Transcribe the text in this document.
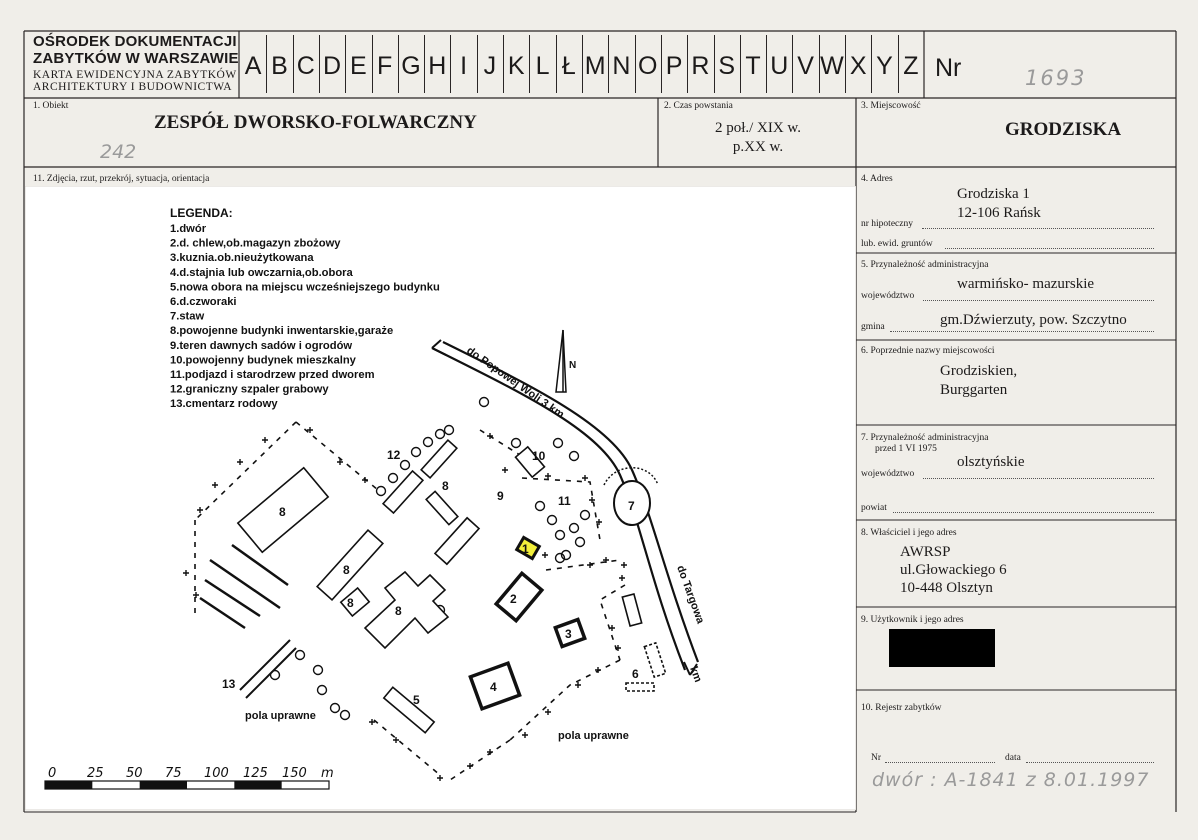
OŚRODEK DOKUMENTACJI
ZABYTKÓW W WARSZAWIE
KARTA EWIDENCYJNA ZABYTKÓW
ARCHITEKTURY I BUDOWNICTWA
A B C D E F G H I J K L Ł M N O P R S T U V W X Y Z Nr	1693
1. Obiekt
ZESPÓŁ DWORSKO-FOLWARCZNY
242
2. Czas powstania
2 poł./ XIX w.
p.XX w.
3. Miejscowość
GRODZISKA
11. Zdjęcia, rzut, przekrój, sytuacja, orientacja	4. Adres
Grodziska 1
12-106 Rańsk
nr hipoteczny
lub. ewid. gruntów
5. Przynależność administracyjna
warmińsko- mazurskie
województwo
gm.Dźwierzuty, pow. Szczytno
gmina
6. Poprzednie nazwy miejscowości
Grodziskien,
Burggarten
7. Przynależność administracyjna
przed 1 VI 1975
olsztyńskie
województwo
powiat
8. Właściciel i jego adres
AWRSP
ul.Głowackiego 6
10-448 Olsztyn
9. Użytkownik i jego adres
10. Rejestr zabytków
Nr	data
dwór : A-1841 z 8.01.1997
LEGENDA:
1.dwór
2.d. chlew,ob.magazyn zbożowy
3.kuznia.ob.nieużytkowana
4.d.stajnia lub owczarnia,ob.obora
5.nowa obora na miejscu wcześniejszego budynku
6.d.czworaki
7.staw
8.powojenne budynki inwentarskie,garaże
9.teren dawnych sadów i ogrodów
10.powojenny budynek mieszkalny
11.podjazd i starodrzew przed dworem
12.graniczny szpaler grabowy
13.cmentarz rodowy	do Popowej Woli 3 km
do Targowa
km
N
1
2
3
4
5
6
7
8
8
8
8
8
9
10
11
12
13
pola uprawne
pola uprawne
0 25 50 75 100 125 150 m
